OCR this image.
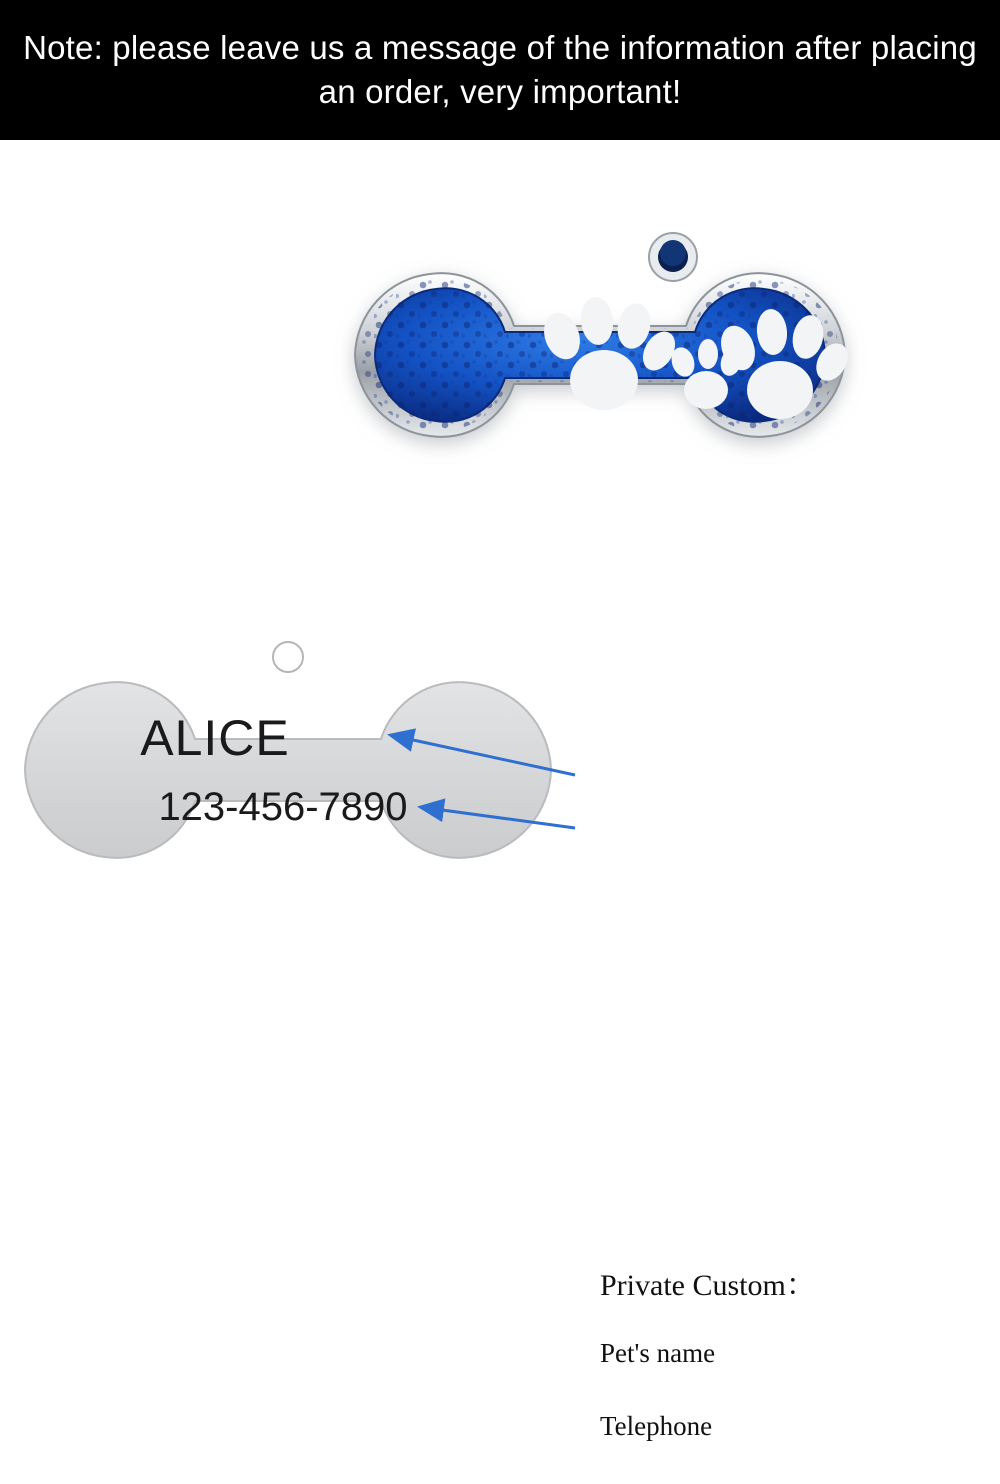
Note: please leave us a message of the information after placing an order, very important!
ALICE
123-456-7890
Private Custom：
Pet's name
Telephone
